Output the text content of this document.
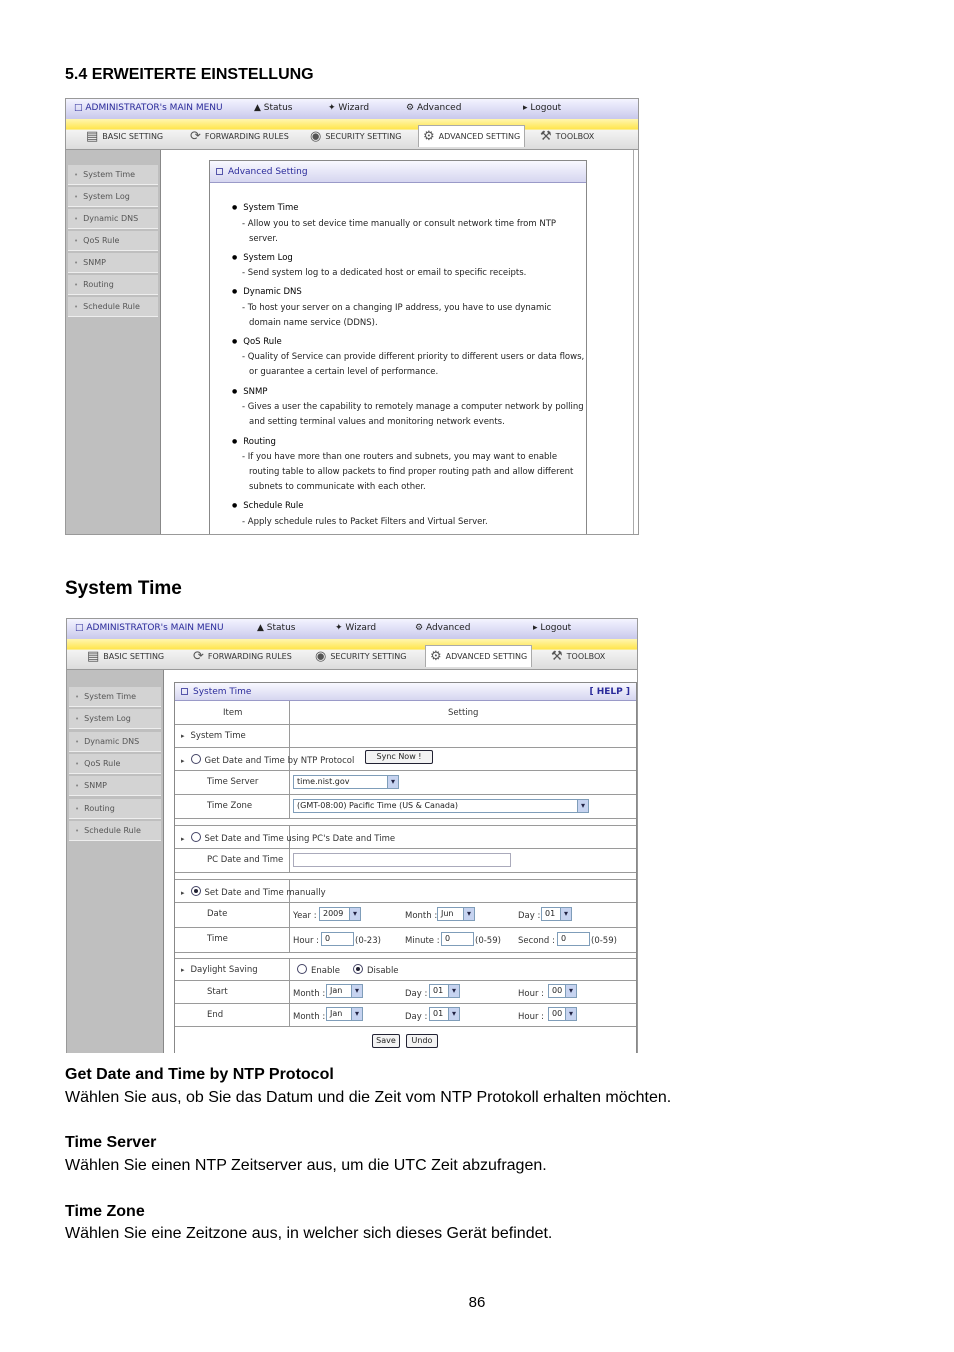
5.4 ERWEITERTE EINSTELLUNG
□ ADMINISTRATOR's MAIN MENU	▲ Status	✦ Wizard	⚙ Advanced	▸ Logout
▤ BASIC SETTING ⟳ FORWARDING RULES ◉ SECURITY SETTING ⚙ ADVANCED SETTING ⚒ TOOLBOX
• System Time
• System Log
• Dynamic DNS
• QoS Rule
• SNMP
• Routing
• Schedule Rule
Advanced Setting
● System Time
- Allow you to set device time manually or consult network time from NTP
server.
● System Log
- Send system log to a dedicated host or email to specific receipts.
● Dynamic DNS
- To host your server on a changing IP address, you have to use dynamic
domain name service (DDNS).
● QoS Rule
- Quality of Service can provide different priority to different users or data flows,
or guarantee a certain level of performance.
● SNMP
- Gives a user the capability to remotely manage a computer network by polling
and setting terminal values and monitoring network events.
● Routing
- If you have more than one routers and subnets, you may want to enable
routing table to allow packets to find proper routing path and allow different
subnets to communicate with each other.
● Schedule Rule
- Apply schedule rules to Packet Filters and Virtual Server.
System Time
□ ADMINISTRATOR's MAIN MENU	▲ Status	✦ Wizard	⚙ Advanced	▸ Logout
▤ BASIC SETTING ⟳ FORWARDING RULES ◉ SECURITY SETTING ⚙ ADVANCED SETTING ⚒ TOOLBOX
• System Time
• System Log
• Dynamic DNS
• QoS Rule
• SNMP
• Routing
• Schedule Rule
System Time	[ HELP ]
Item	Setting
▸ System Time
▸ Get Date and Time by NTP Protocol	Sync Now !
Time Server	time.nist.gov ▾
Time Zone	(GMT-08:00) Pacific Time (US & Canada) ▾
▸ Set Date and Time using PC's Date and Time
PC Date and Time
▸ Set Date and Time manually
Date	Year : 2009 ▾	Month : Jun ▾	Day : 01 ▾
Time	Hour : 0	(0-23)	Minute : 0	(0-59) Second : 0	(0-59)
▸ Daylight Saving	Enable	Disable
Start	Month : Jan ▾	Day : 01 ▾	Hour : 00 ▾
End	Month : Jan ▾	Day : 01 ▾	Hour : 00 ▾
Save	Undo
Get Date and Time by NTP Protocol
Wählen Sie aus, ob Sie das Datum und die Zeit vom NTP Protokoll erhalten möchten.
Time Server
Wählen Sie einen NTP Zeitserver aus, um die UTC Zeit abzufragen.
Time Zone
Wählen Sie eine Zeitzone aus, in welcher sich dieses Gerät befindet.
86
